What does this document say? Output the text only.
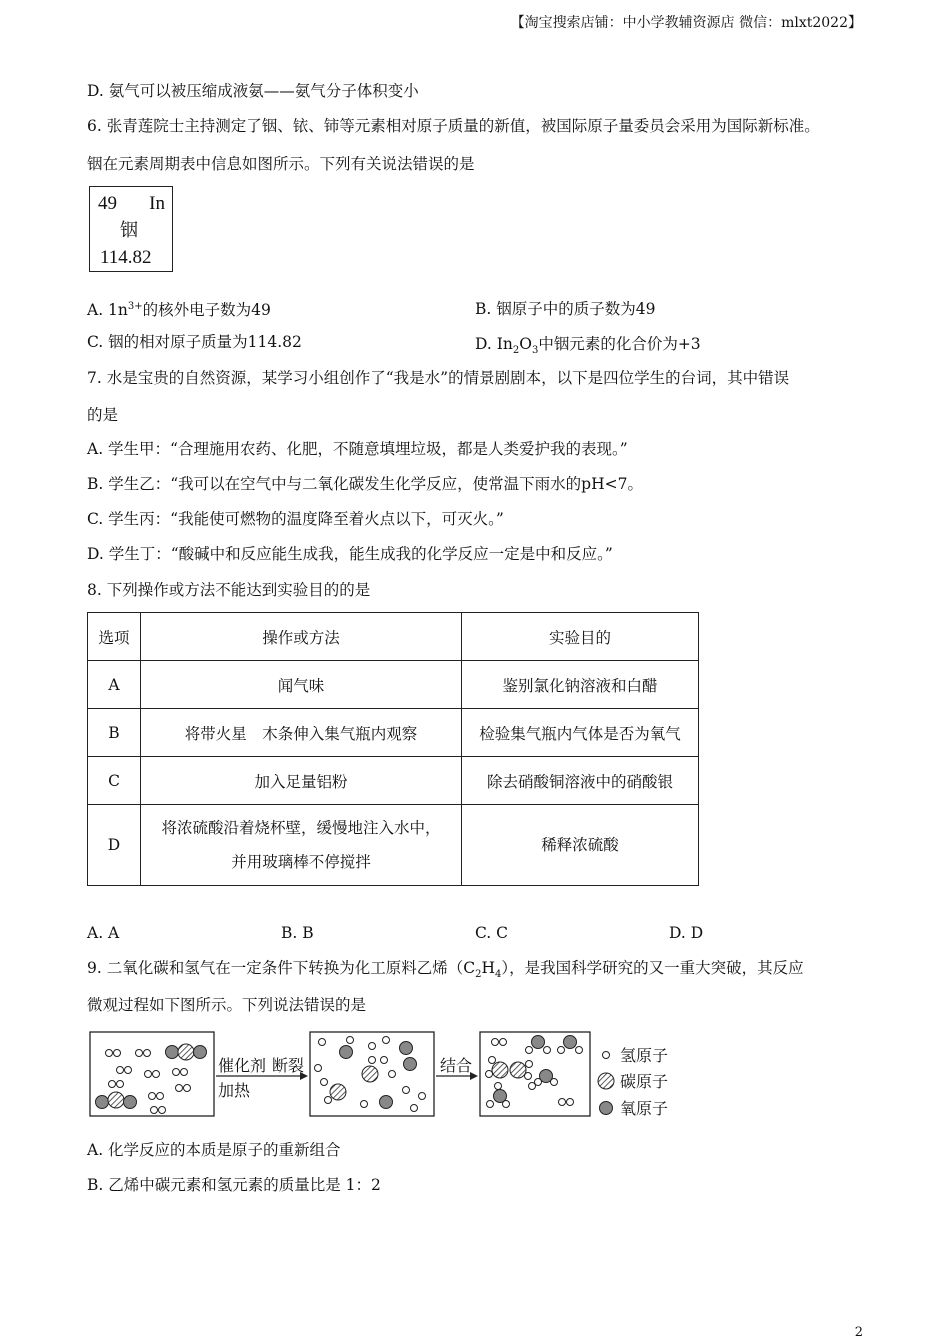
【淘宝搜索店铺：中小学教辅资源店 微信：mlxt2022】
D. 氨气可以被压缩成液氨——氨气分子体积变小
6. 张青莲院士主持测定了铟、铱、铈等元素相对原子质量的新值，被国际原子量委员会采用为国际新标准。
铟在元素周期表中信息如图所示。下列有关说法错误的是
49 In
铟
114.82
A. $1n^{3+}$的核外电子数为49	B. 铟原子中的质子数为49
C. 铟的相对原子质量为114.82	D. $In_2O_3$中铟元素的化合价为+3
7. 水是宝贵的自然资源，某学习小组创作了“我是水”的情景剧剧本，以下是四位学生的台词，其中错误
的是
A. 学生甲：“合理施用农药、化肥，不随意填埋垃圾，都是人类爱护我的表现。”
B. 学生乙：“我可以在空气中与二氧化碳发生化学反应，使常温下雨水的pH<7。
C. 学生丙：“我能使可燃物的温度降至着火点以下，可灭火。”
D. 学生丁：“酸碱中和反应能生成我，能生成我的化学反应一定是中和反应。”
8. 下列操作或方法不能达到实验目的的是
选项	操作或方法	实验目的
A	闻气味	鉴别氯化钠溶液和白醋
B	将带火星　木条伸入集气瓶内观察	检验集气瓶内气体是否为氧气
C	加入足量铝粉	除去硝酸铜溶液中的硝酸银
D	将浓硫酸沿着烧杯壁，缓慢地注入水中，
并用玻璃棒不停搅拌	稀释浓硫酸
A. A	B. B	C. C	D. D
9. 二氧化碳和氢气在一定条件下转换为化工原料乙烯$(C_2H_4)$，是我国科学研究的又一重大突破，其反应
微观过程如下图所示。下列说法错误的是
催化剂
加热
断裂	结合
氢原子
碳原子
氧原子
A. 化学反应的本质是原子的重新组合
B. 乙烯中碳元素和氢元素的质量比是 1：2
2
